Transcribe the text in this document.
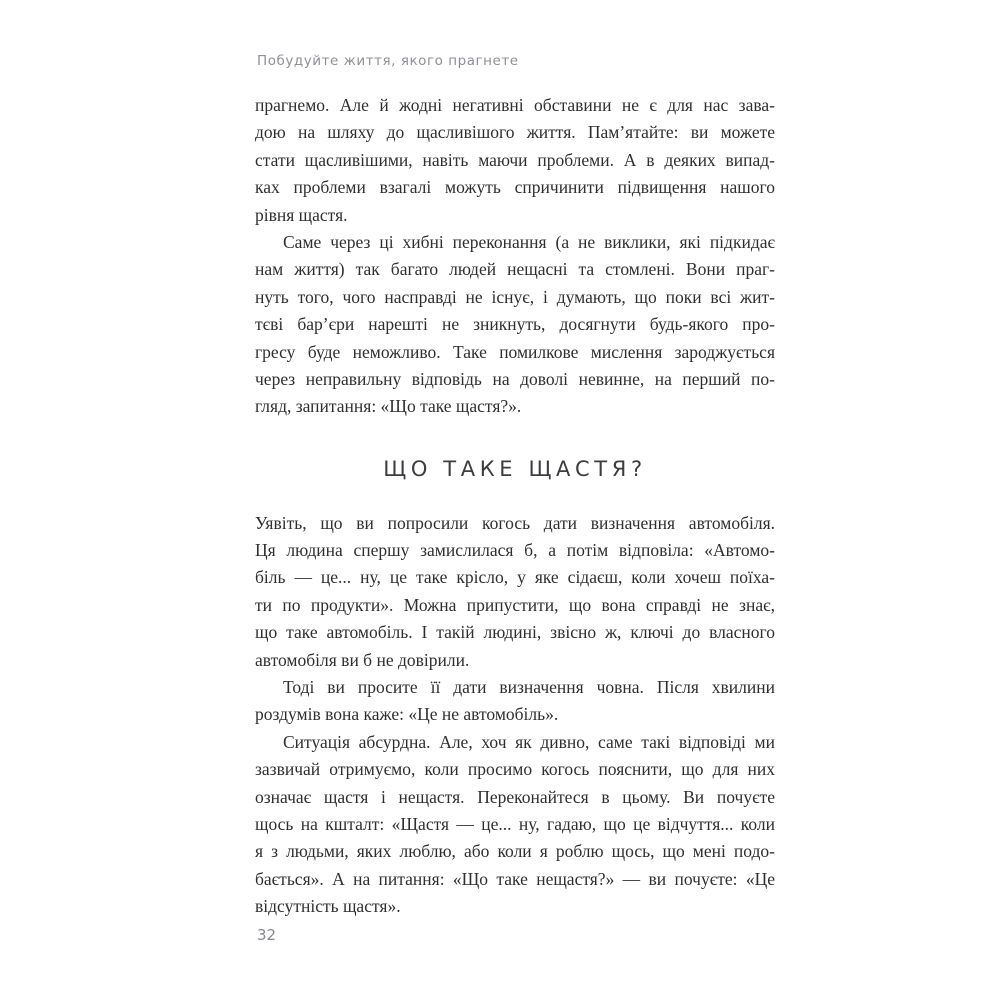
Побудуйте життя, якого прагнете
прагнемо. Але й жодні негативні обставини не є для нас зава-
дою на шляху до щасливішого життя. Пам’ятайте: ви можете
стати щасливішими, навіть маючи проблеми. А в деяких випад-
ках проблеми взагалі можуть спричинити підвищення нашого
рівня щастя.
Саме через ці хибні переконання (а не виклики, які підкидає
нам життя) так багато людей нещасні та стомлені. Вони праг-
нуть того, чого насправді не існує, і думають, що поки всі жит-
тєві бар’єри нарешті не зникнуть, досягнути будь-якого про-
гресу буде неможливо. Таке помилкове мислення зароджується
через неправильну відповідь на доволі невинне, на перший по-
гляд, запитання: «Що таке щастя?».
ЩО ТАКЕ ЩАСТЯ?
Уявіть, що ви попросили когось дати визначення автомобіля.
Ця людина спершу замислилася б, а потім відповіла: «Автомо-
біль — це... ну, це таке крісло, у яке сідаєш, коли хочеш поїха-
ти по продукти». Можна припустити, що вона справді не знає,
що таке автомобіль. І такій людині, звісно ж, ключі до власного
автомобіля ви б не довірили.
Тоді ви просите її дати визначення човна. Після хвилини
роздумів вона каже: «Це не автомобіль».
Ситуація абсурдна. Але, хоч як дивно, саме такі відповіді ми
зазвичай отримуємо, коли просимо когось пояснити, що для них
означає щастя і нещастя. Переконайтеся в цьому. Ви почуєте
щось на кшталт: «Щастя — це... ну, гадаю, що це відчуття... коли
я з людьми, яких люблю, або коли я роблю щось, що мені подо-
бається». А на питання: «Що таке нещастя?» — ви почуєте: «Це
відсутність щастя».
32
